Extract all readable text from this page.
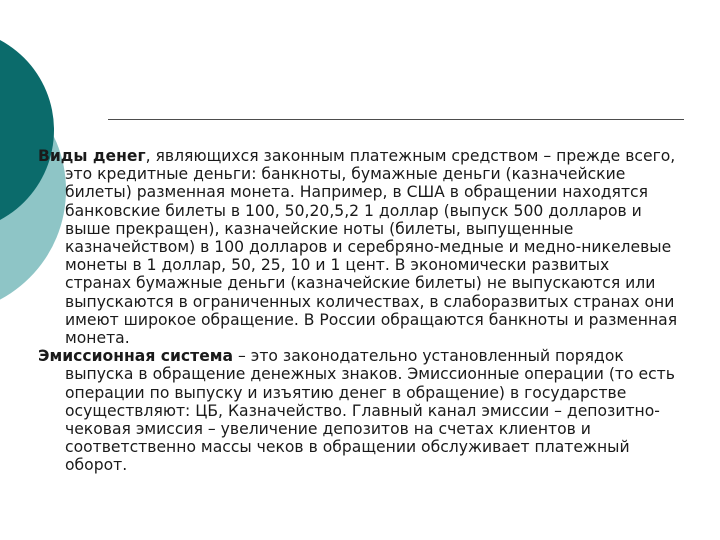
Виды денег, являющихся законным платежным средством – прежде всего, это кредитные деньги: банкноты, бумажные деньги (казначейские билеты) разменная монета. Например, в США в обращении находятся банковские билеты в 100, 50,20,5,2 1 доллар (выпуск 500 долларов и выше прекращен), казначейские ноты (билеты, выпущенные казначейством) в 100 долларов и серебряно-медные и медно-никелевые монеты в 1 доллар, 50, 25, 10 и 1 цент. В экономически развитых странах бумажные деньги (казначейские билеты) не выпускаются или выпускаются в ограниченных количествах, в слаборазвитых странах они имеют широкое обращение. В России обращаются банкноты и разменная монета.

Эмиссионная система – это законодательно установленный порядок выпуска в обращение денежных знаков. Эмиссионные операции (то есть операции по выпуску и изъятию денег в обращение) в государстве осуществляют: ЦБ, Казначейство. Главный канал эмиссии – депозитно-чековая эмиссия – увеличение депозитов на счетах клиентов и соответственно массы чеков в обращении обслуживает платежный оборот.
